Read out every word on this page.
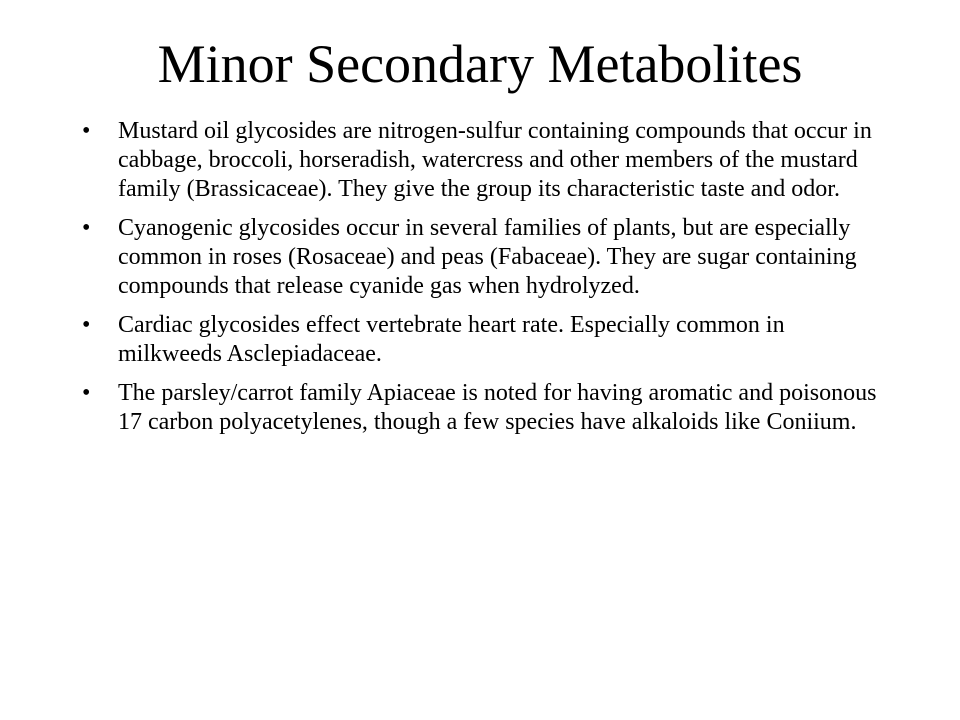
Minor Secondary Metabolites
• Mustard oil glycosides are nitrogen-sulfur containing compounds that occur in cabbage, broccoli, horseradish, watercress and other members of the mustard family (Brassicaceae). They give the group its characteristic taste and odor.
• Cyanogenic glycosides occur in several families of plants, but are especially common in roses (Rosaceae) and peas (Fabaceae). They are sugar containing compounds that release cyanide gas when hydrolyzed.
• Cardiac glycosides effect vertebrate heart rate. Especially common in milkweeds Asclepiadaceae.
• The parsley/carrot family Apiaceae is noted for having aromatic and poisonous 17 carbon polyacetylenes, though a few species have alkaloids like Coniium.
